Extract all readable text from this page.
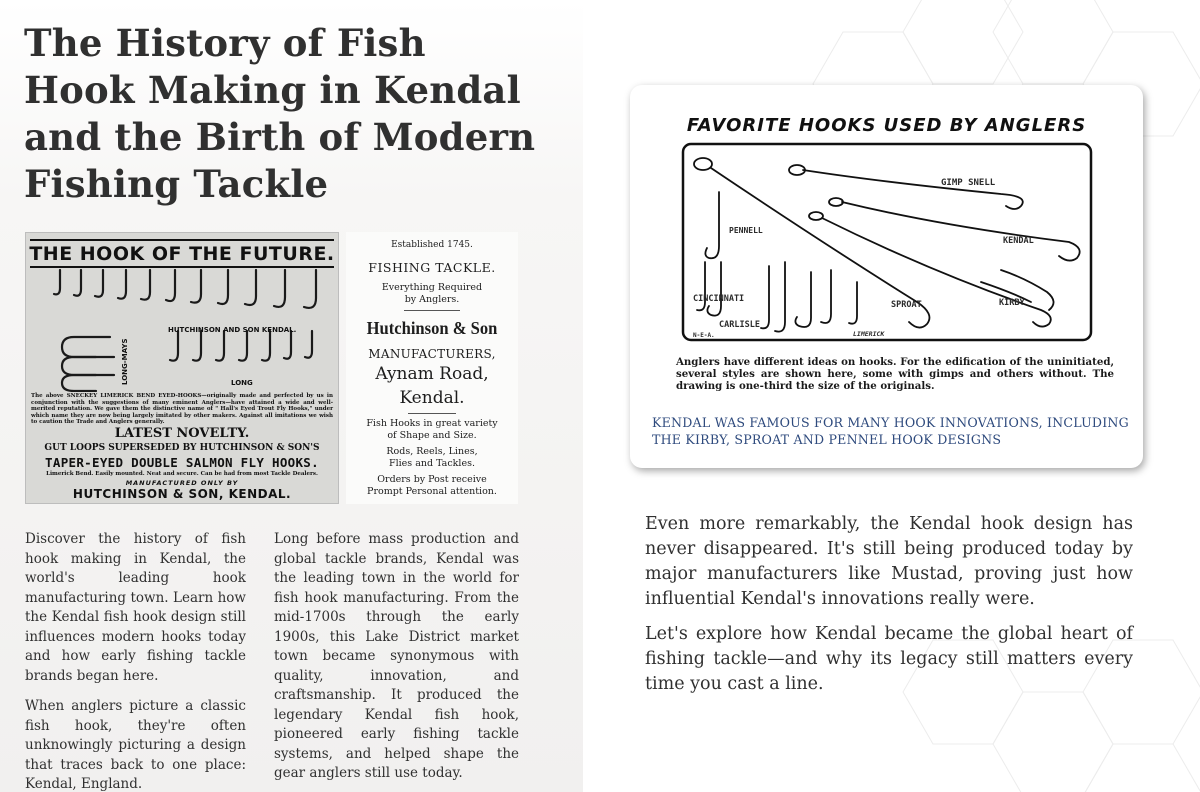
The History of Fish Hook Making in Kendal and the Birth of Modern Fishing Tackle
THE HOOK OF THE FUTURE.
HUTCHINSON AND SON KENDAL.
LONG-MAYS	LONG
The above SNECKEY LIMERICK BEND EYED-HOOKS—originally made and perfected by us in conjunction with the suggestions of many eminent Anglers—have attained a wide and well-merited reputation. We gave them the distinctive name of " Hall's Eyed Trout Fly Hooks," under which name they are now being largely imitated by other makers. Against all imitations we wish to caution the Trade and Anglers generally.
LATEST NOVELTY.
GUT LOOPS SUPERSEDED BY HUTCHINSON & SON'S
TAPER-EYED DOUBLE SALMON FLY HOOKS.
Limerick Bend. Easily mounted. Neat and secure. Can be had from most Tackle Dealers.
MANUFACTURED ONLY BY
HUTCHINSON & SON, KENDAL.
Established 1745.
FISHING TACKLE.
Everything Required
by Anglers.
Hutchinson & Son
MANUFACTURERS,
Aynam Road,
Kendal.
Fish Hooks in great variety
of Shape and Size.
Rods, Reels, Lines,
Flies and Tackles.
Orders by Post receive
Prompt Personal attention.

Discover the history of fish hook making in Kendal, the world's leading hook manufacturing town. Learn how the Kendal fish hook design still influences modern hooks today and how early fishing tackle brands began here.

When anglers picture a classic fish hook, they're often unknowingly picturing a design that traces back to one place: Kendal, England.

Long before mass production and global tackle brands, Kendal was the leading town in the world for fish hook manufacturing. From the mid-1700s through the early 1900s, this Lake District market town became synonymous with quality, innovation, and craftsmanship. It produced the legendary Kendal fish hook, pioneered early fishing tackle systems, and helped shape the gear anglers still use today.

FAVORITE HOOKS USED BY ANGLERS
GIMP SNELL
PENNELL
KENDAL
CINCINNATI
SPROAT	KIRBY
CARLISLE
N-E-A.	LIMERICK
Anglers have different ideas on hooks. For the edification of the uninitiated, several styles are shown here, some with gimps and others without. The drawing is one-third the size of the originals.
KENDAL WAS FAMOUS FOR MANY HOOK INNOVATIONS, INCLUDING THE KIRBY, SPROAT AND PENNEL HOOK DESIGNS

Even more remarkably, the Kendal hook design has never disappeared. It's still being produced today by major manufacturers like Mustad, proving just how influential Kendal's innovations really were.

Let's explore how Kendal became the global heart of fishing tackle—and why its legacy still matters every time you cast a line.
